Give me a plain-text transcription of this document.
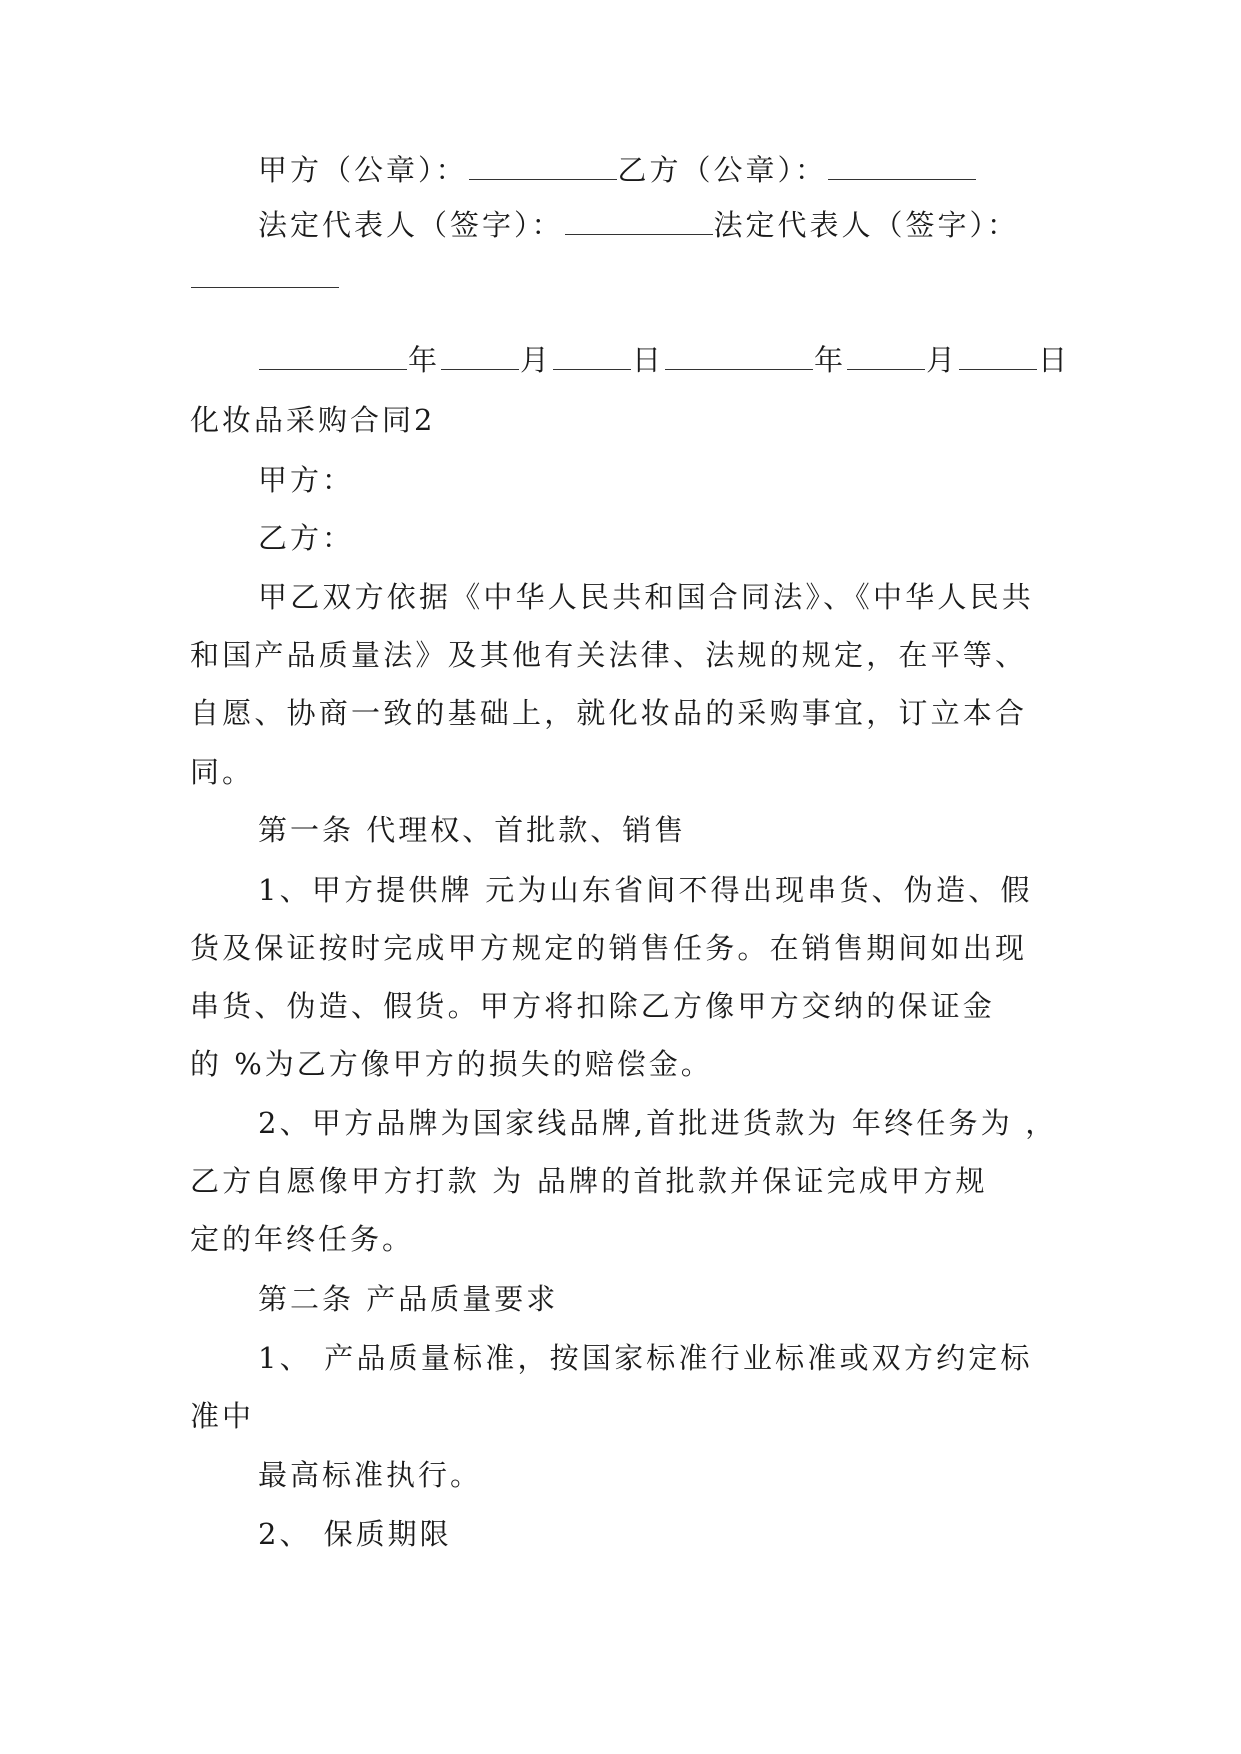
甲方（公章）：	乙方（公章）：
法定代表人（签字）：	法定代表人（签字）：
年	月	日	年	月	日
化妆品采购合同2
甲方：
乙方：
甲乙双方依据《中华人民共和国合同法》、《中华人民共
和国产品质量法》及其他有关法律、法规的规定，在平等、
自愿、协商一致的基础上，就化妆品的采购事宜，订立本合
同。
第一条 代理权、首批款、销售
1、甲方提供牌 元为山东省间不得出现串货、伪造、假
货及保证按时完成甲方规定的销售任务。在销售期间如出现
串货、伪造、假货。甲方将扣除乙方像甲方交纳的保证金
的 %为乙方像甲方的损失的赔偿金。
2、甲方品牌为国家线品牌,首批进货款为 年终任务为 ，
乙方自愿像甲方打款 为 品牌的首批款并保证完成甲方规
定的年终任务。
第二条 产品质量要求
1、 产品质量标准，按国家标准行业标准或双方约定标
准中
最高标准执行。
2、 保质期限
